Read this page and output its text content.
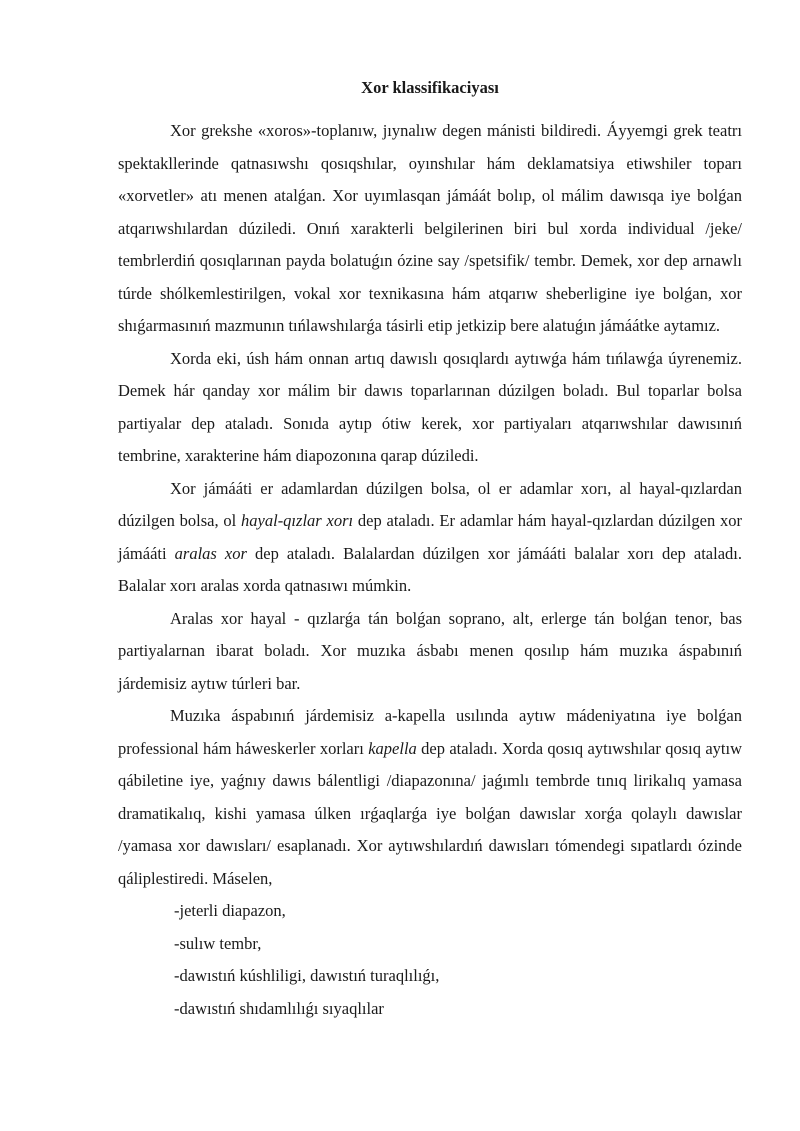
Xor klassifikaciyası

Xor grekshe «xoros»-toplanıw, jıynalıw degen mánisti bildiredi. Áyyemgi grek teatrı spektakllerinde qatnasıwshı qosıqshılar, oyınshılar hám deklamatsiya etiwshiler toparı «xorvetler» atı menen atalǵan. Xor uyımlasqan jámáát bolıp, ol málim dawısqa iye bolǵan atqarıwshılardan dúziledi. Onıń xarakterli belgilerinen biri bul xorda individual /jeke/ tembrlerdiń qosıqlarınan payda bolatuǵın ózine say /spetsifik/ tembr. Demek, xor dep arnawlı túrde shólkemlestirilgen, vokal xor texnikasına hám atqarıw sheberligine iye bolǵan, xor shıǵarmasınıń mazmunın tıńlawshılarǵa tásirli etip jetkizip bere alatuǵın jámáátke aytamız.

Xorda eki, úsh hám onnan artıq dawıslı qosıqlardı aytıwǵa hám tıńlawǵa úyrenemiz. Demek hár qanday xor málim bir dawıs toparlarınan dúzilgen boladı. Bul toparlar bolsa partiyalar dep ataladı. Sonıda aytıp ótiw kerek, xor partiyaları atqarıwshılar dawısınıń tembrine, xarakterine hám diapozonına qarap dúziledi.

Xor jámááti er adamlardan dúzilgen bolsa, ol er adamlar xorı, al hayal-qızlardan dúzilgen bolsa, ol hayal-qızlar xorı dep ataladı. Er adamlar hám hayal-qızlardan dúzilgen xor jámááti aralas xor dep ataladı. Balalardan dúzilgen xor jámááti balalar xorı dep ataladı. Balalar xorı aralas xorda qatnasıwı múmkin.

Aralas xor hayal - qızlarǵa tán bolǵan soprano, alt, erlerge tán bolǵan tenor, bas partiyalarnan ibarat boladı. Xor muzıka ásbabı menen qosılıp hám muzıka áspabınıń járdemisiz aytıw túrleri bar.

Muzıka áspabınıń járdemisiz a-kapella usılında aytıw mádeniyatına iye bolǵan professional hám háweskerler xorları kapella dep ataladı. Xorda qosıq aytıwshılar qosıq aytıw qábiletine iye, yaǵnıy dawıs bálentligi /diapazonına/ jaǵımlı tembrde tınıq lirikalıq yamasa dramatikalıq, kishi yamasa úlken ırǵaqlarǵa iye bolǵan dawıslar xorǵa qolaylı dawıslar /yamasa xor dawısları/ esaplanadı. Xor aytıwshılardıń dawısları tómendegi sıpatlardı ózinde qáliplestiredi. Máselen,

-jeterli diapazon,
-sulıw tembr,
-dawıstıń kúshliligi, dawıstıń turaqlılıǵı,
-dawıstıń shıdamlılıǵı sıyaqlılar
